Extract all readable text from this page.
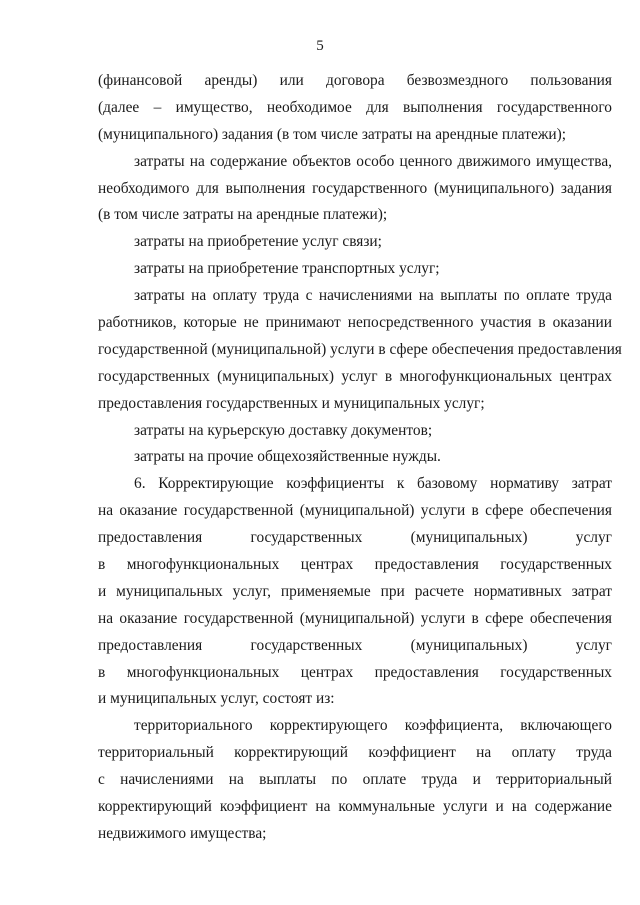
5
(финансовой аренды) или договора безвозмездного пользования
(далее – имущество, необходимое для выполнения государственного
(муниципального) задания (в том числе затраты на арендные платежи);
затраты на содержание объектов особо ценного движимого имущества,
необходимого для выполнения государственного (муниципального) задания
(в том числе затраты на арендные платежи);
затраты на приобретение услуг связи;
затраты на приобретение транспортных услуг;
затраты на оплату труда с начислениями на выплаты по оплате труда
работников, которые не принимают непосредственного участия в оказании
государственной (муниципальной) услуги в сфере обеспечения предоставления
государственных (муниципальных) услуг в многофункциональных центрах
предоставления государственных и муниципальных услуг;
затраты на курьерскую доставку документов;
затраты на прочие общехозяйственные нужды.
6. Корректирующие коэффициенты к базовому нормативу затрат
на оказание государственной (муниципальной) услуги в сфере обеспечения
предоставления государственных (муниципальных) услуг
в многофункциональных центрах предоставления государственных
и муниципальных услуг, применяемые при расчете нормативных затрат
на оказание государственной (муниципальной) услуги в сфере обеспечения
предоставления государственных (муниципальных) услуг
в многофункциональных центрах предоставления государственных
и муниципальных услуг, состоят из:
территориального корректирующего коэффициента, включающего
территориальный корректирующий коэффициент на оплату труда
с начислениями на выплаты по оплате труда и территориальный
корректирующий коэффициент на коммунальные услуги и на содержание
недвижимого имущества;
